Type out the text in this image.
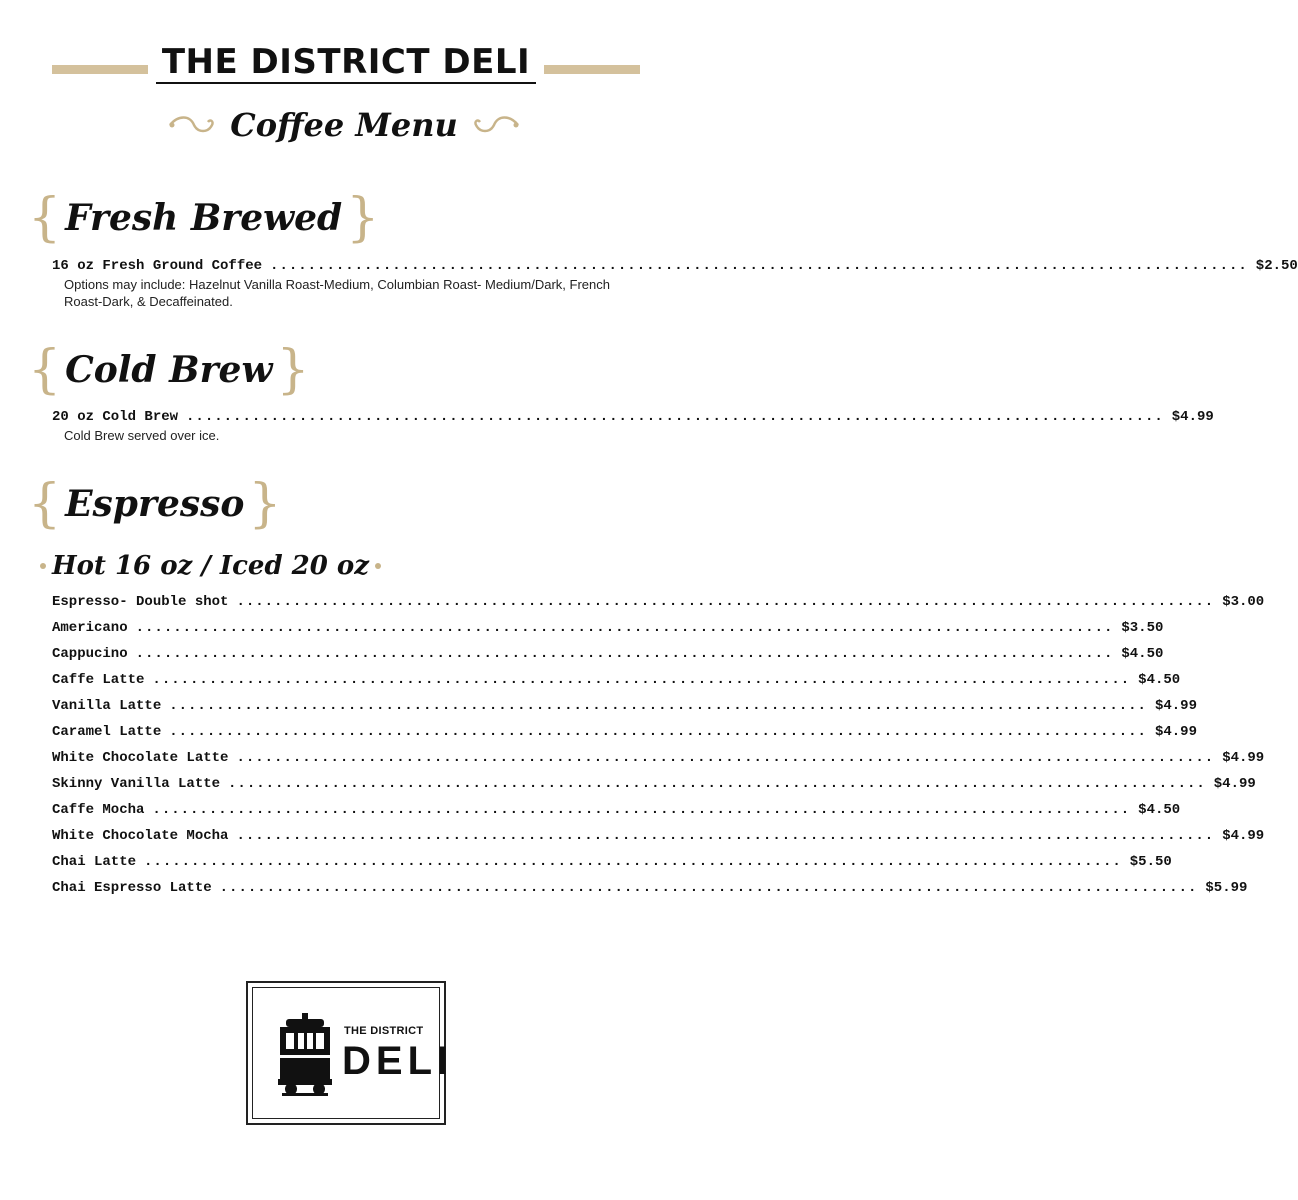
THE DISTRICT DELI
Coffee Menu
{ Fresh Brewed }
16 oz Fresh Ground Coffee ........................................................................................................ $2.50
Options may include: Hazelnut Vanilla Roast-Medium, Columbian Roast- Medium/Dark, French Roast-Dark, & Decaffeinated.
{ Cold Brew }
20 oz Cold Brew ........................................................................................................ $4.99
Cold Brew served over ice.
{ Espresso }
Hot 16 oz / Iced 20 oz
Espresso- Double shot ........................................................................................................ $3.00
Americano ........................................................................................................ $3.50
Cappucino ........................................................................................................ $4.50
Caffe Latte ........................................................................................................ $4.50
Vanilla Latte ........................................................................................................ $4.99
Caramel Latte ........................................................................................................ $4.99
White Chocolate Latte ........................................................................................................ $4.99
Skinny Vanilla Latte ........................................................................................................ $4.99
Caffe Mocha ........................................................................................................ $4.50
White Chocolate Mocha ........................................................................................................ $4.99
Chai Latte ........................................................................................................ $5.50
Chai Espresso Latte ........................................................................................................ $5.99
THE DISTRICT
DELI
